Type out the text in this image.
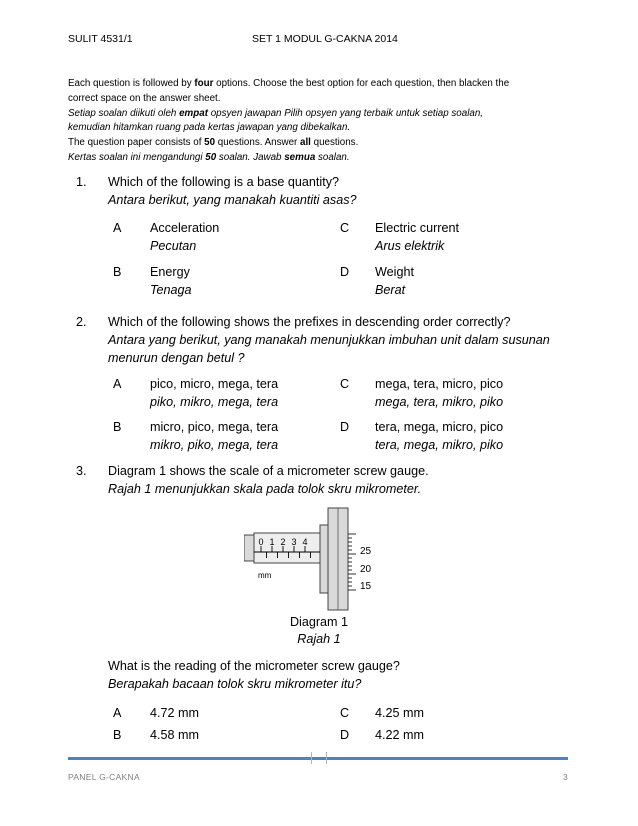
SULIT 4531/1	SET 1 MODUL G-CAKNA 2014
Each question is followed by four options. Choose the best option for each question, then blacken the
correct space on the answer sheet.
Setiap soalan diikuti oleh empat opsyen jawapan Pilih opsyen yang terbaik untuk setiap soalan,
kemudian hitamkan ruang pada kertas jawapan yang dibekalkan.
The question paper consists of 50 questions. Answer all questions.
Kertas soalan ini mengandungi 50 soalan. Jawab semua soalan.
1. Which of the following is a base quantity?
Antara berikut, yang manakah kuantiti asas?
A Acceleration
Pecutan
C Electric current
Arus elektrik
B Energy
Tenaga
D Weight
Berat
2. Which of the following shows the prefixes in descending order correctly?
Antara yang berikut, yang manakah menunjukkan imbuhan unit dalam susunan
menurun dengan betul ?
A pico, micro, mega, tera
piko, mikro, mega, tera
C mega, tera, micro, pico
mega, tera, mikro, piko
B micro, pico, mega, tera
mikro, piko, mega, tera
D tera, mega, micro, pico
tera, mega, mikro, piko
3. Diagram 1 shows the scale of a micrometer screw gauge.
Rajah 1 menunjukkan skala pada tolok skru mikrometer.
0 1 2 3 4
mm
25
20
15
Diagram 1
Rajah 1
What is the reading of the micrometer screw gauge?
Berapakah bacaan tolok skru mikrometer itu?
A 4.72 mm	C 4.25 mm
B 4.58 mm	D 4.22 mm
PANEL G-CAKNA	3
